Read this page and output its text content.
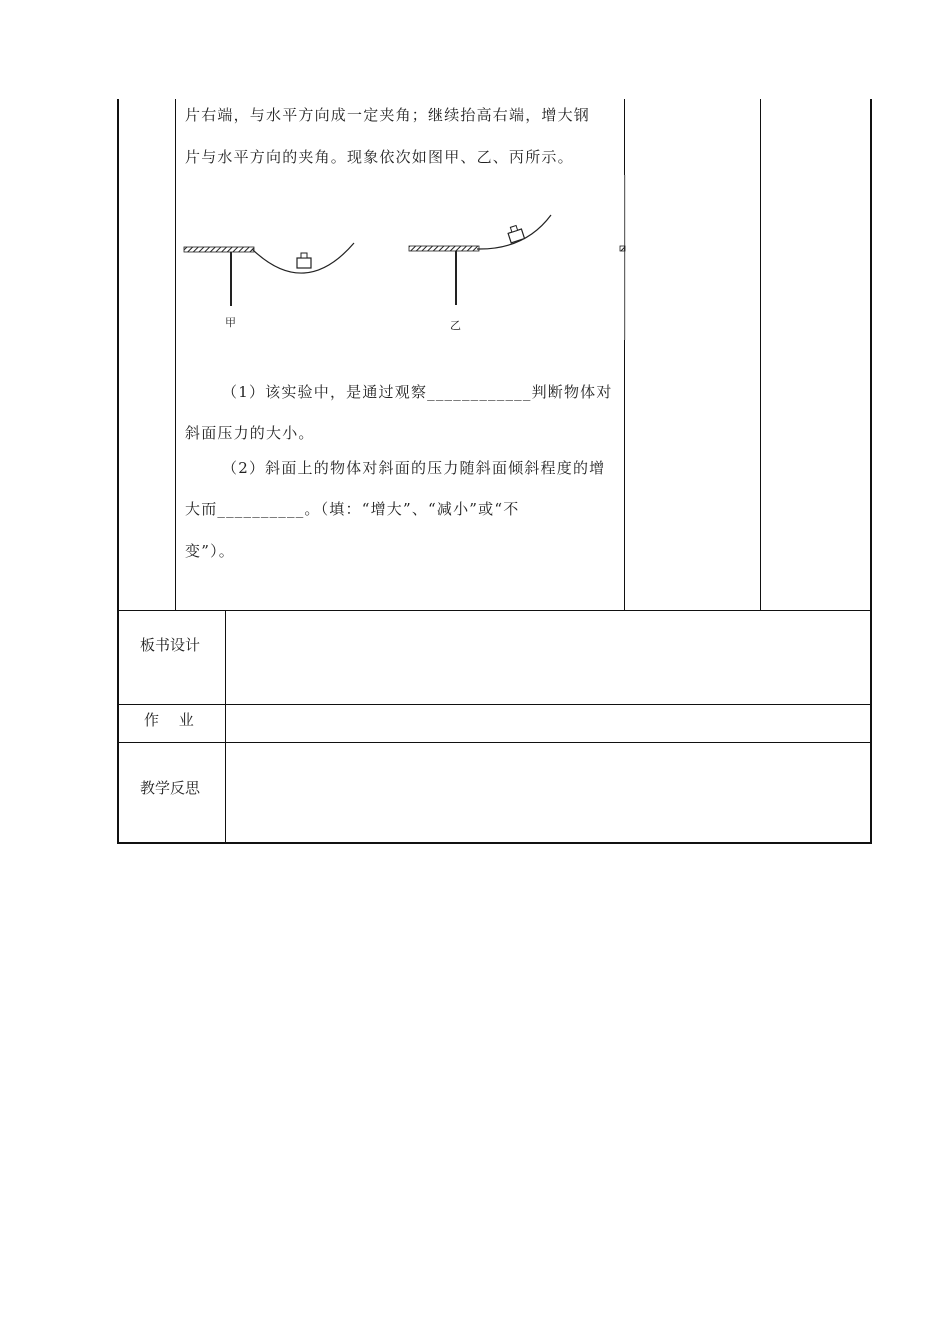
片右端，与水平方向成一定夹角；继续抬高右端，增大钢
片与水平方向的夹角。现象依次如图甲、乙、丙所示。
甲	乙
（1）该实验中，是通过观察____________判断物体对
斜面压力的大小。
（2）斜面上的物体对斜面的压力随斜面倾斜程度的增
大而__________。（填：“增大”、“减小”或“不
变”）。
板书设计
作　 业
教学反思
